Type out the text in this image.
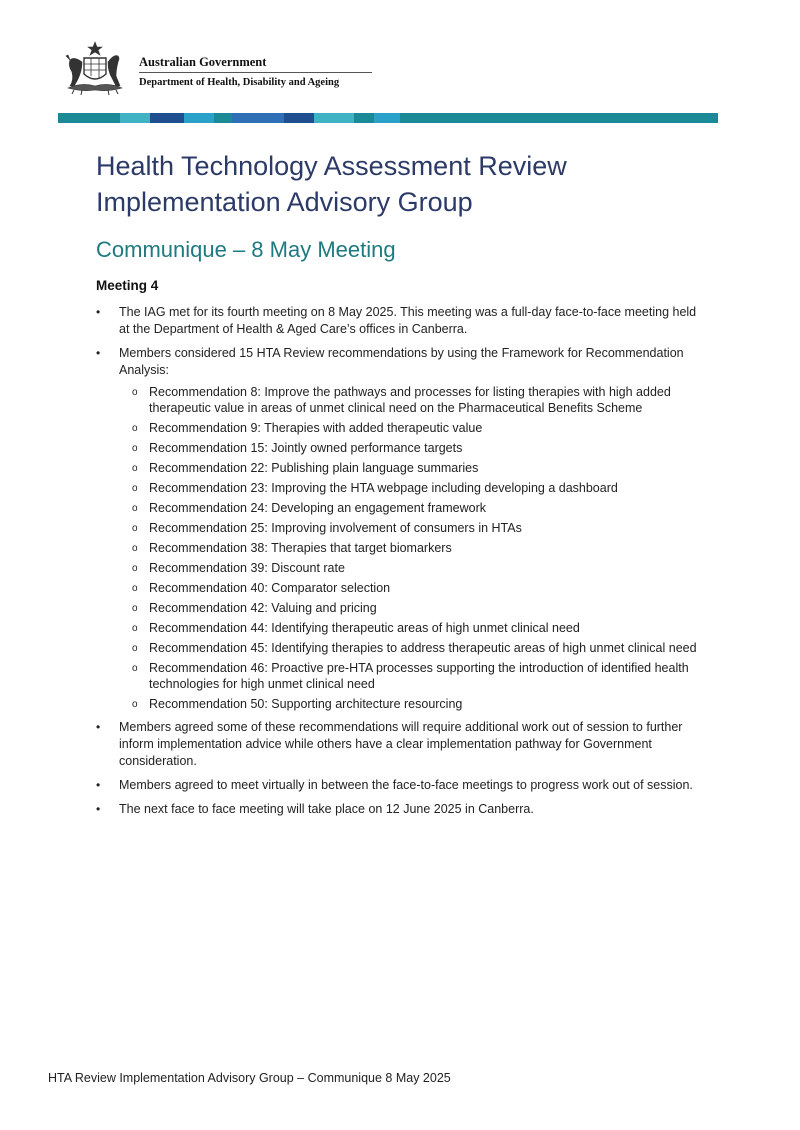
Australian Government
Department of Health, Disability and Ageing
Health Technology Assessment Review Implementation Advisory Group
Communique – 8 May Meeting
Meeting 4
• The IAG met for its fourth meeting on 8 May 2025. This meeting was a full-day face-to-face meeting held at the Department of Health & Aged Care’s offices in Canberra.
• Members considered 15 HTA Review recommendations by using the Framework for Recommendation Analysis:
o Recommendation 8: Improve the pathways and processes for listing therapies with high added therapeutic value in areas of unmet clinical need on the Pharmaceutical Benefits Scheme
o Recommendation 9: Therapies with added therapeutic value
o Recommendation 15: Jointly owned performance targets
o Recommendation 22: Publishing plain language summaries
o Recommendation 23: Improving the HTA webpage including developing a dashboard
o Recommendation 24: Developing an engagement framework
o Recommendation 25: Improving involvement of consumers in HTAs
o Recommendation 38: Therapies that target biomarkers
o Recommendation 39: Discount rate
o Recommendation 40: Comparator selection
o Recommendation 42: Valuing and pricing
o Recommendation 44: Identifying therapeutic areas of high unmet clinical need
o Recommendation 45: Identifying therapies to address therapeutic areas of high unmet clinical need
o Recommendation 46: Proactive pre-HTA processes supporting the introduction of identified health technologies for high unmet clinical need
o Recommendation 50: Supporting architecture resourcing
• Members agreed some of these recommendations will require additional work out of session to further inform implementation advice while others have a clear implementation pathway for Government consideration.
• Members agreed to meet virtually in between the face-to-face meetings to progress work out of session.
• The next face to face meeting will take place on 12 June 2025 in Canberra.
HTA Review Implementation Advisory Group – Communique 8 May 2025
